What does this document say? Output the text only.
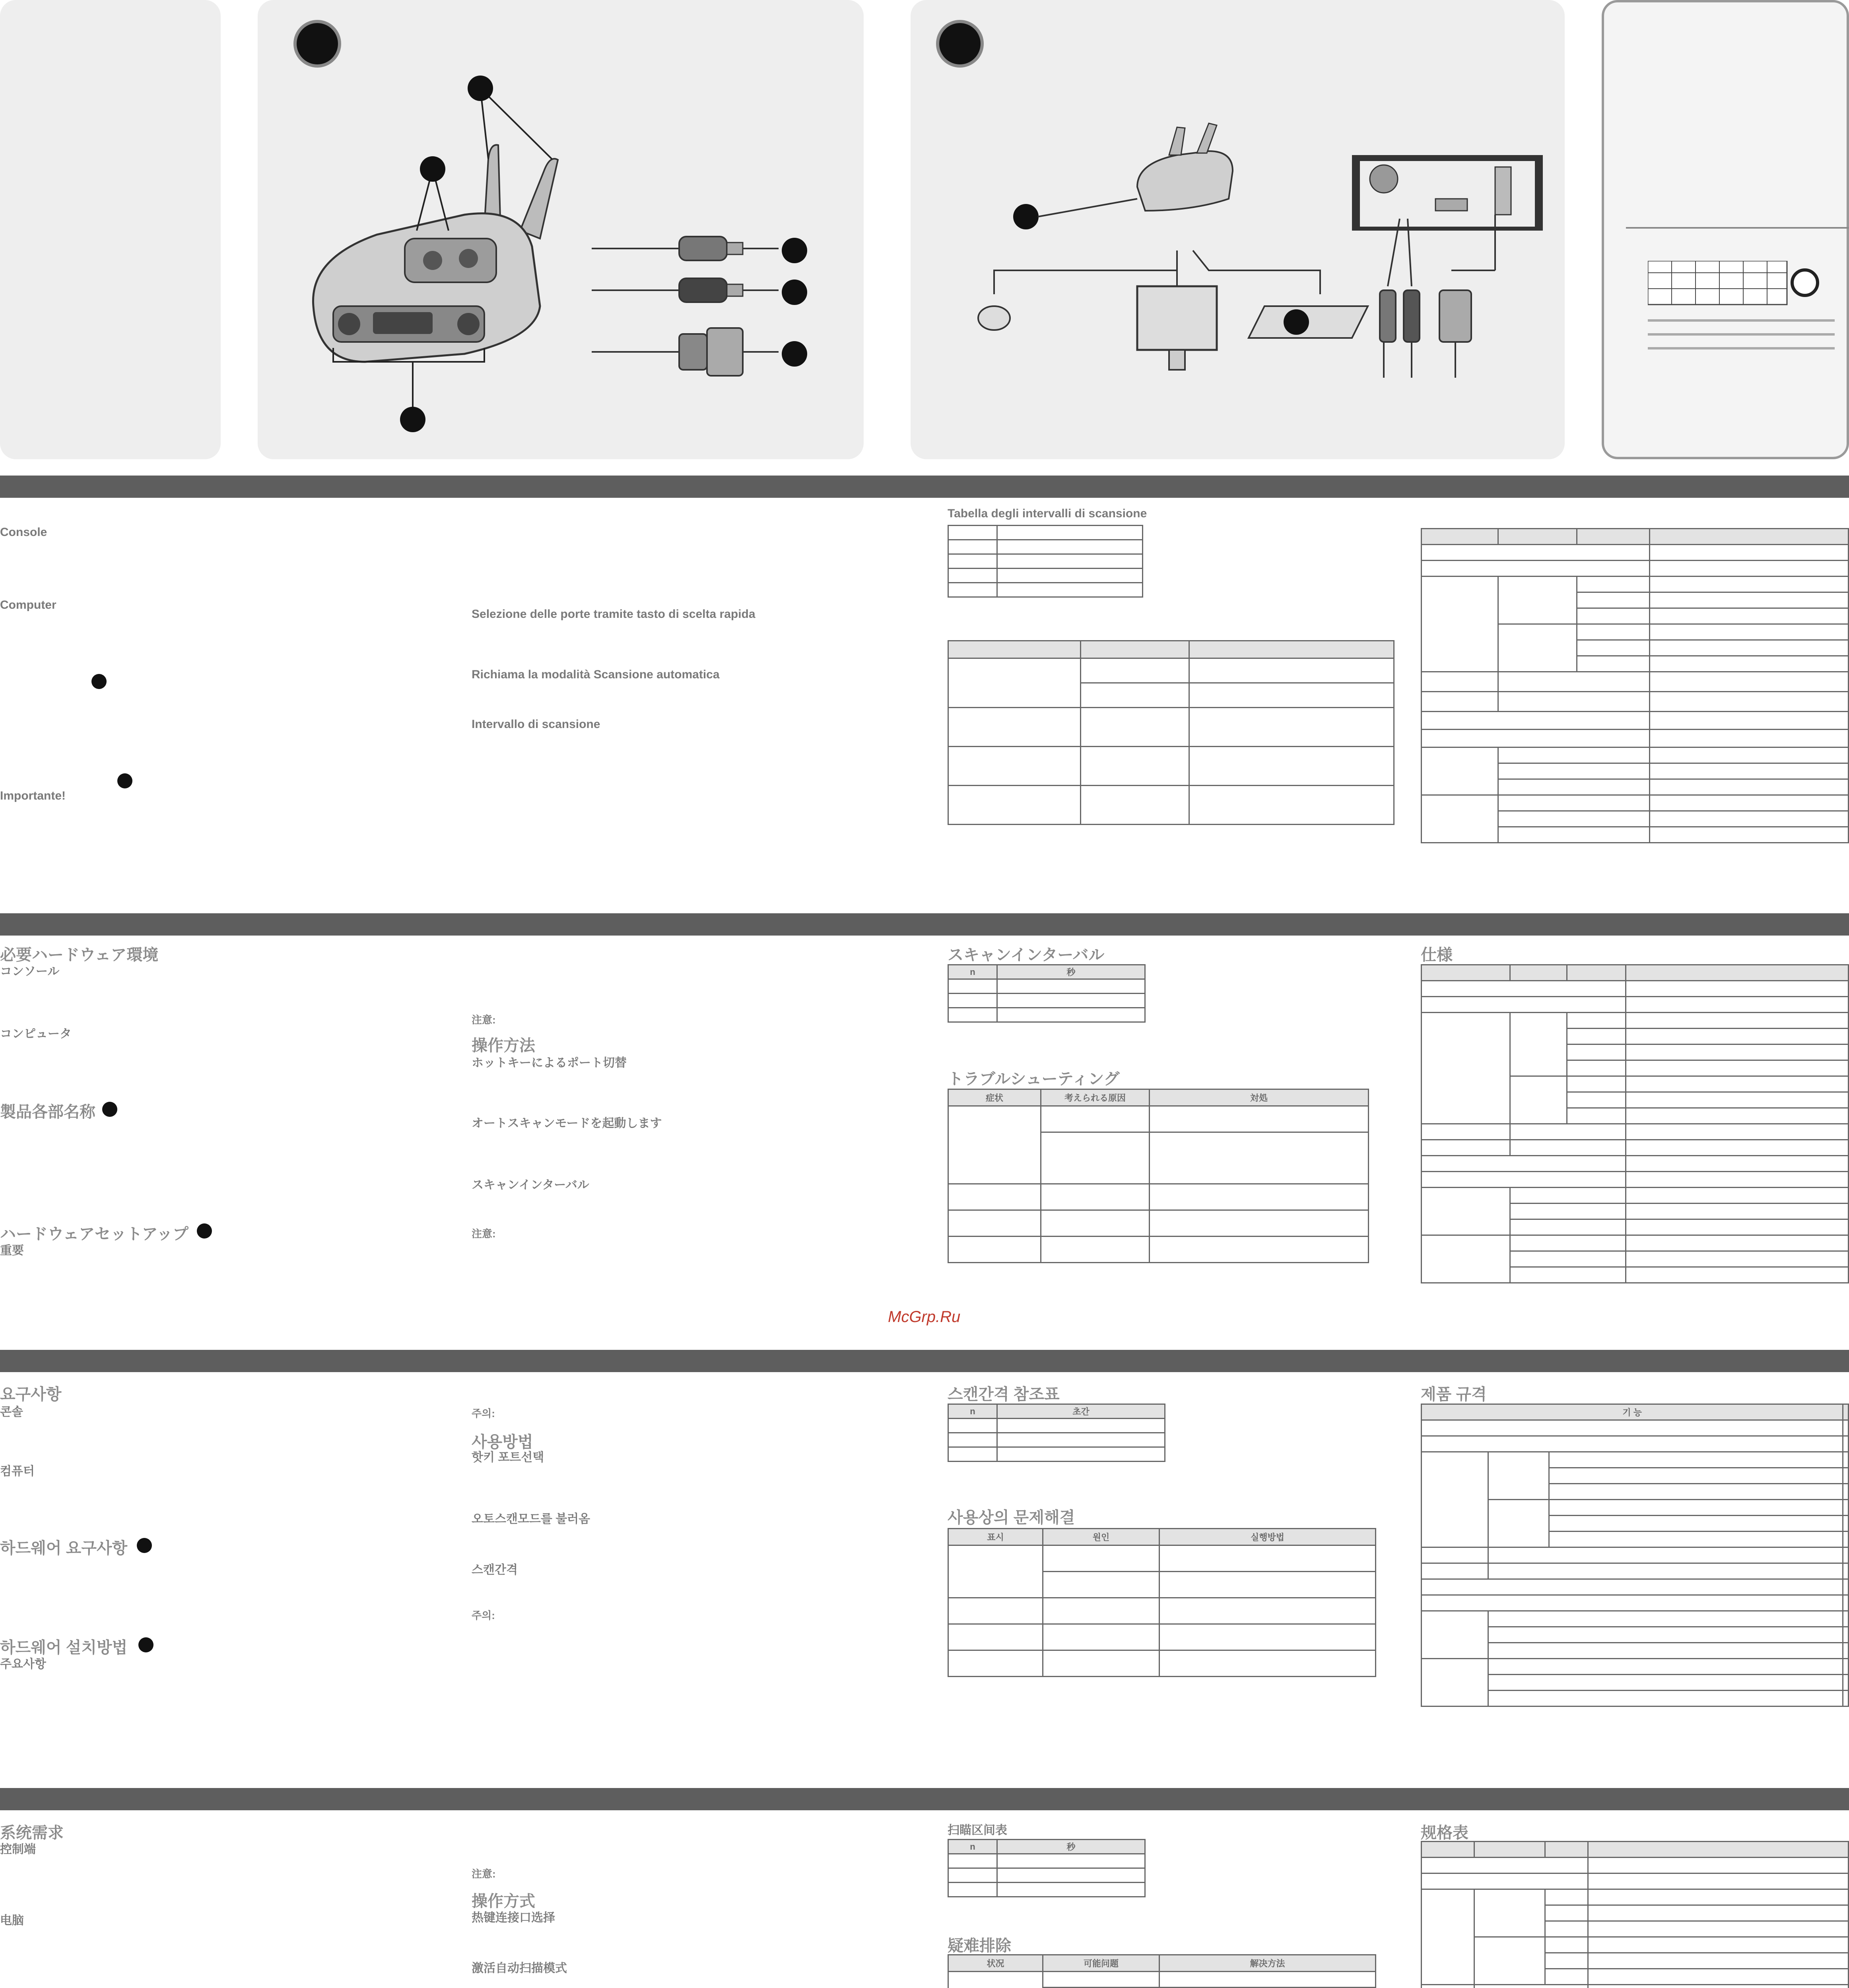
Console
Computer
Importante!
Selezione delle porte tramite tasto di scelta rapida
Richiama la modalità Scansione automatica
Intervallo di scansione
Tabella degli intervalli di scansione

必要ハードウェア環境
コンソール
コンピュータ
製品各部名称
ハードウェアセットアップ
重要
注意:
操作方法
ホットキーによるポート切替
オートスキャンモードを起動します
スキャンインターバル
注意:
スキャンインターバル
n	秒

トラブルシューティング
症状	考えられる原因	対処

仕様

McGrp.Ru
요구사항
콘솔
컴퓨터
하드웨어 요구사항
하드웨어 설치방법
주요사항
주의:
사용방법
핫키 포트선택
오토스캔모드를 불러옴
스캔간격
주의:
스캔간격 참조표
n	초간

사용상의 문제해결
표시	원인	실행방법

제품 규격
기 능			

系统需求
控制端
电脑
注意:
操作方式
热键连接口选择
激活自动扫描模式
扫瞄区间表
n	秒

疑难排除
状况	可能问题	解决方法

规格表
